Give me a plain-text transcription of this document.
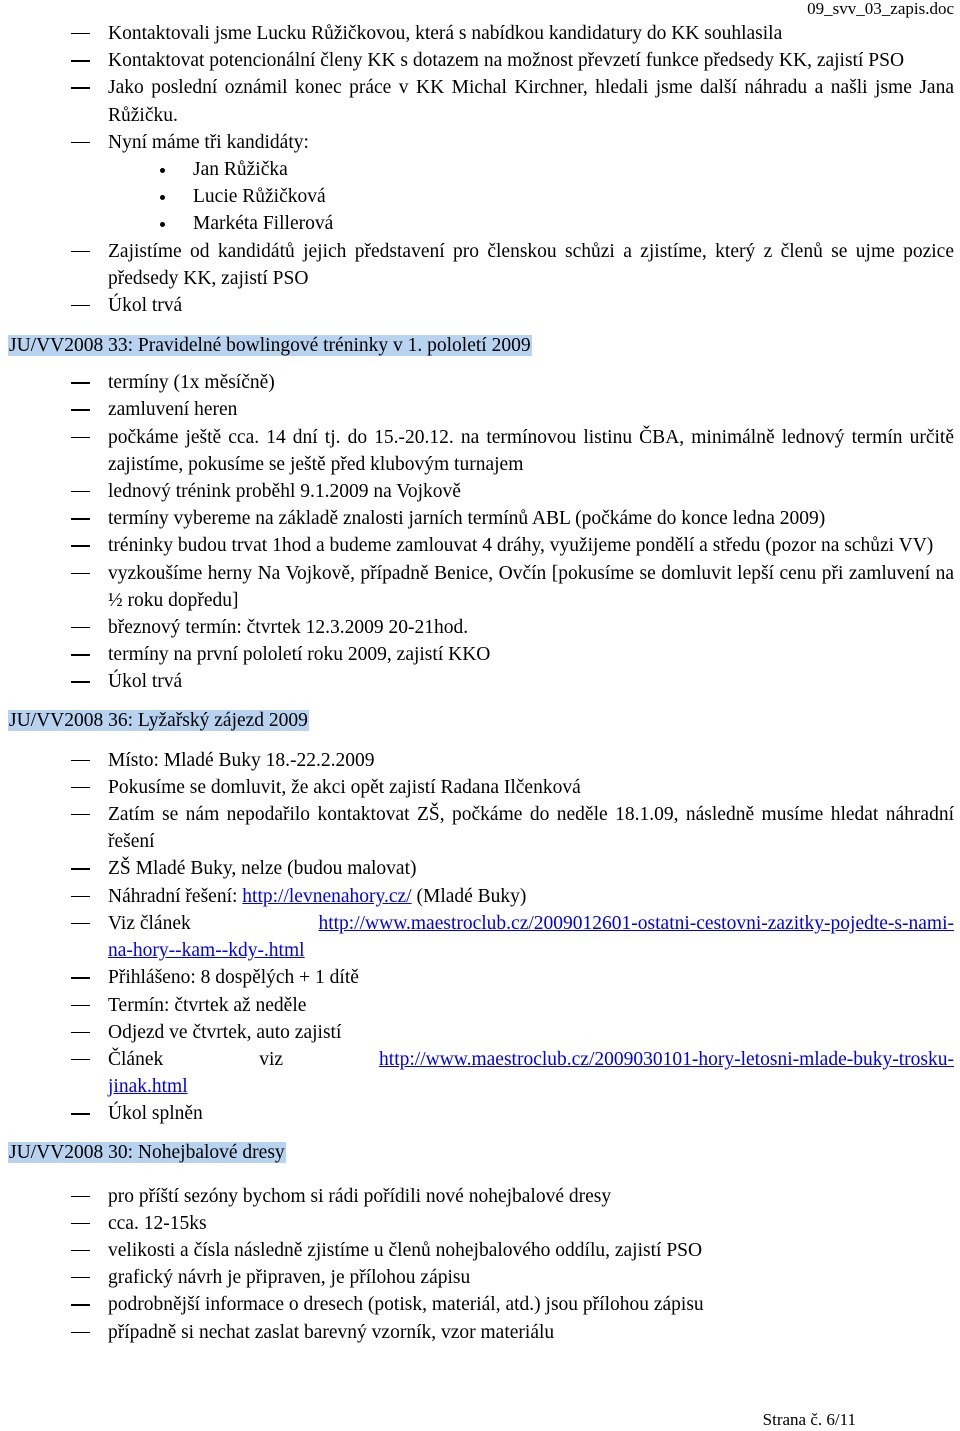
09_svv_03_zapis.doc
Kontaktovali jsme Lucku Růžičkovou, která s nabídkou kandidatury do KK souhlasila
Kontaktovat potencionální členy KK s dotazem na možnost převzetí funkce předsedy KK, zajistí PSO
Jako poslední oznámil konec práce v KK Michal Kirchner, hledali jsme další náhradu a našli jsme Jana Růžičku.
Nyní máme tři kandidáty:
Jan Růžička
Lucie Růžičková
Markéta Fillerová
Zajistíme od kandidátů jejich představení pro členskou schůzi a zjistíme, který z členů se ujme pozice předsedy KK, zajistí PSO
Úkol trvá
JU/VV2008 33: Pravidelné bowlingové tréninky v 1. pololetí 2009
termíny (1x měsíčně)
zamluvení heren
počkáme ještě cca. 14 dní tj. do 15.-20.12. na termínovou listinu ČBA, minimálně lednový termín určitě zajistíme, pokusíme se ještě před klubovým turnajem
lednový trénink proběhl 9.1.2009 na Vojkově
termíny vybereme na základě znalosti jarních termínů ABL (počkáme do konce ledna 2009)
tréninky budou trvat 1hod a budeme zamlouvat 4 dráhy, využijeme pondělí a středu (pozor na schůzi VV)
vyzkoušíme herny Na Vojkově, případně Benice, Ovčín [pokusíme se domluvit lepší cenu při zamluvení na ½ roku dopředu]
březnový termín: čtvrtek 12.3.2009 20-21hod.
termíny na první pololetí roku 2009, zajistí KKO
Úkol trvá
JU/VV2008 36: Lyžařský zájezd 2009
Místo: Mladé Buky 18.-22.2.2009
Pokusíme se domluvit, že akci opět zajistí Radana Ilčenková
Zatím se nám nepodařilo kontaktovat ZŠ, počkáme do neděle 18.1.09, následně musíme hledat náhradní řešení
ZŠ Mladé Buky, nelze (budou malovat)
Náhradní řešení: http://levnenahory.cz/ (Mladé Buky)
Viz článek	http://www.maestroclub.cz/2009012601-ostatni-cestovni-zazitky-pojedte-s-nami-
na-hory--kam--kdy-.html
Přihlášeno: 8 dospělých + 1 dítě
Termín: čtvrtek až neděle
Odjezd ve čtvrtek, auto zajistí
Článek	viz	http://www.maestroclub.cz/2009030101-hory-letosni-mlade-buky-trosku-
jinak.html
Úkol splněn
JU/VV2008 30: Nohejbalové dresy
pro příští sezóny bychom si rádi pořídili nové nohejbalové dresy
cca. 12-15ks
velikosti a čísla následně zjistíme u členů nohejbalového oddílu, zajistí PSO
grafický návrh je připraven, je přílohou zápisu
podrobnější informace o dresech (potisk, materiál, atd.) jsou přílohou zápisu
případně si nechat zaslat barevný vzorník, vzor materiálu
Strana č. 6/11
